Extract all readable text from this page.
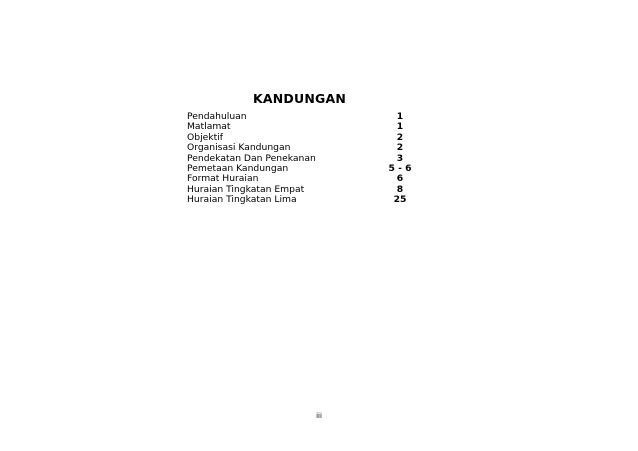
KANDUNGAN
Pendahuluan	1
Matlamat	1
Objektif	2
Organisasi Kandungan	2
Pendekatan Dan Penekanan	3
Pemetaan Kandungan	5 - 6
Format Huraian	6
Huraian Tingkatan Empat	8
Huraian Tingkatan Lima	25
iii
